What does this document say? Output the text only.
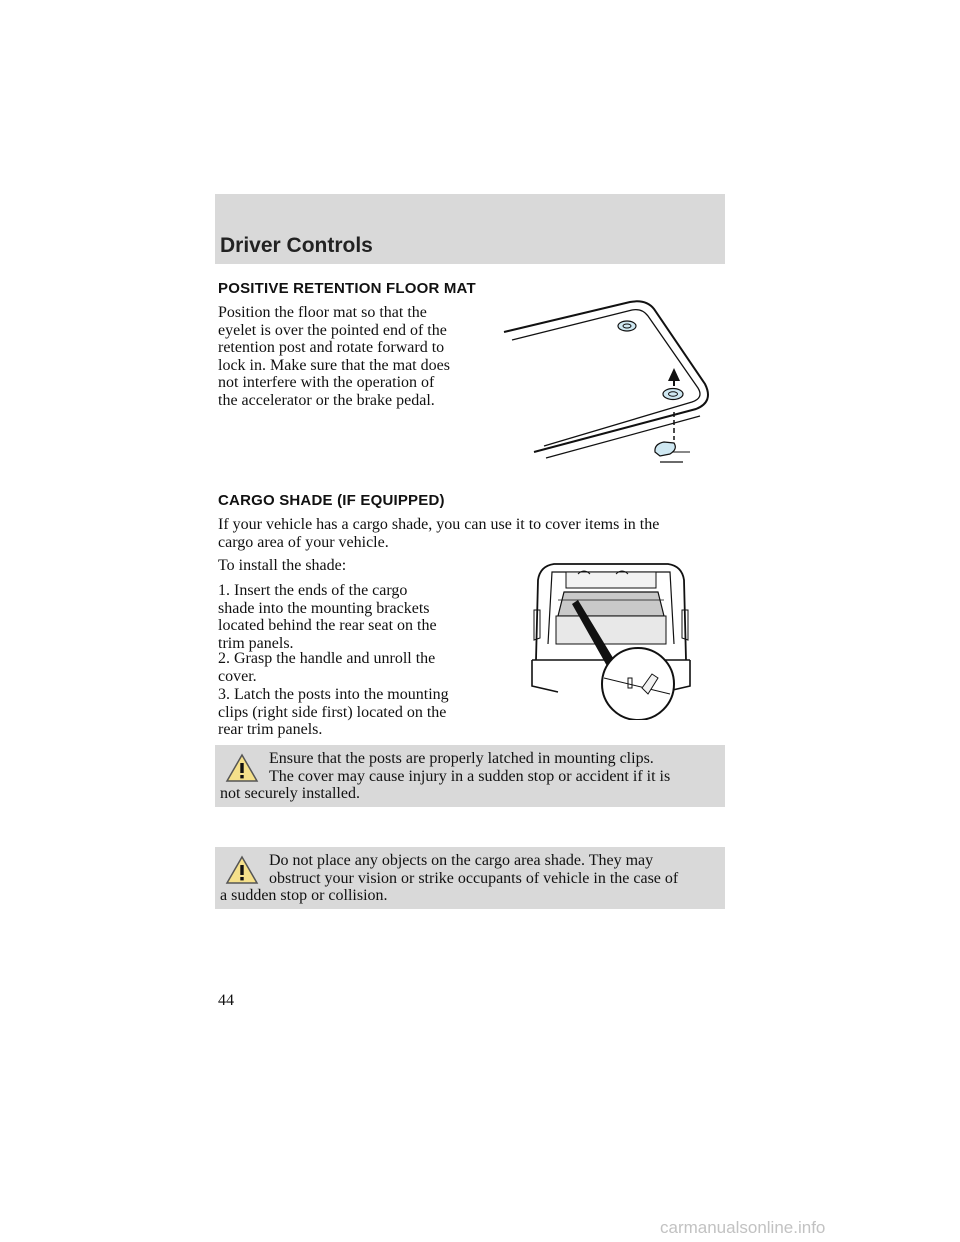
Driver Controls
POSITIVE RETENTION FLOOR MAT
Position the floor mat so that the
eyelet is over the pointed end of the
retention post and rotate forward to
lock in. Make sure that the mat does
not interfere with the operation of
the accelerator or the brake pedal.
CARGO SHADE (IF EQUIPPED)
If your vehicle has a cargo shade, you can use it to cover items in the
cargo area of your vehicle.
To install the shade:
1. Insert the ends of the cargo
shade into the mounting brackets
located behind the rear seat on the
trim panels.
2. Grasp the handle and unroll the
cover.
3. Latch the posts into the mounting
clips (right side first) located on the
rear trim panels.
Ensure that the posts are properly latched in mounting clips.
The cover may cause injury in a sudden stop or accident if it is
not securely installed.
Do not place any objects on the cargo area shade. They may
obstruct your vision or strike occupants of vehicle in the case of
a sudden stop or collision.
44
carmanualsonline.info
